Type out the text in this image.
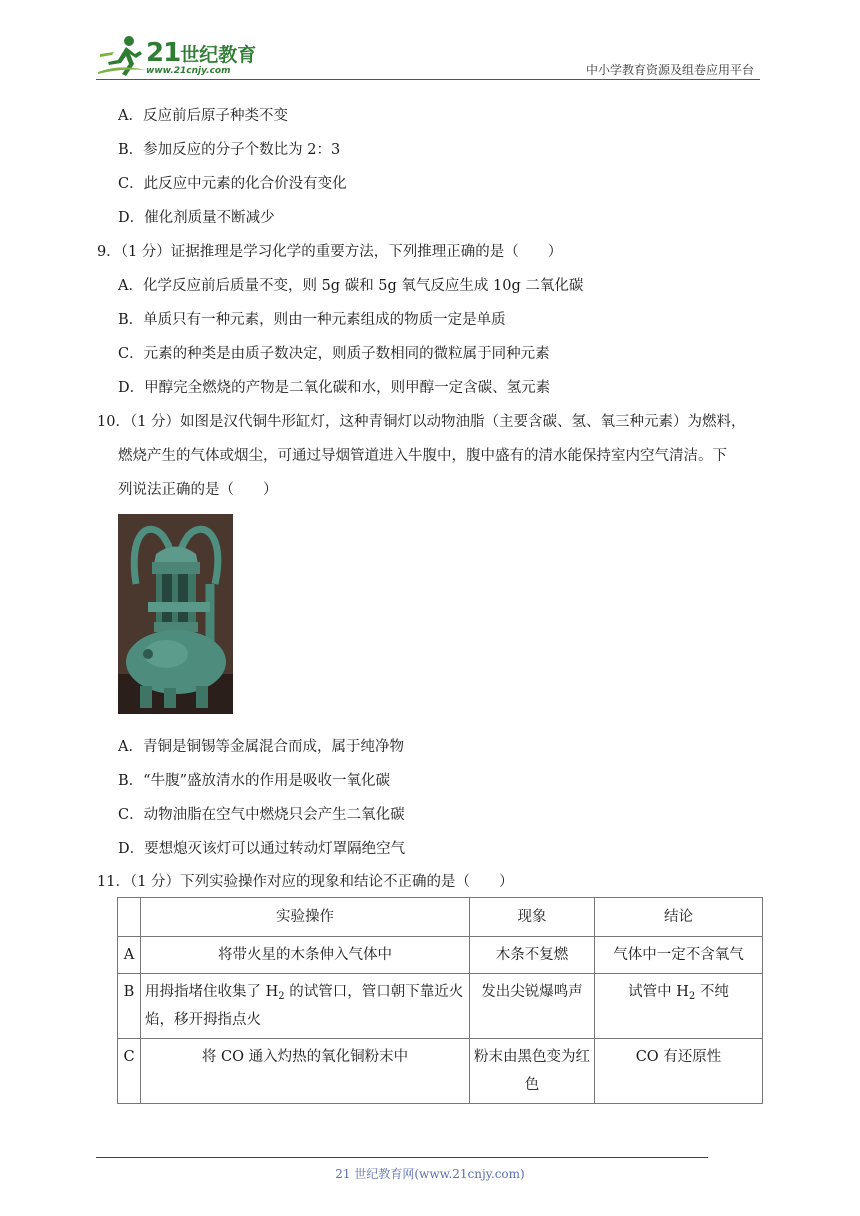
21世纪教育
www.21cnjy.com	中小学教育资源及组卷应用平台
A．反应前后原子种类不变
B．参加反应的分子个数比为 2：3
C．此反应中元素的化合价没有变化
D．催化剂质量不断减少
9．（1 分）证据推理是学习化学的重要方法，下列推理正确的是（　　）
A．化学反应前后质量不变，则 5g 碳和 5g 氧气反应生成 10g 二氧化碳
B．单质只有一种元素，则由一种元素组成的物质一定是单质
C．元素的种类是由质子数决定，则质子数相同的微粒属于同种元素
D．甲醇完全燃烧的产物是二氧化碳和水，则甲醇一定含碳、氢元素
10．（1 分）如图是汉代铜牛形缸灯，这种青铜灯以动物油脂（主要含碳、氢、氧三种元素）为燃料，
燃烧产生的气体或烟尘，可通过导烟管道进入牛腹中，腹中盛有的清水能保持室内空气清洁。下
列说法正确的是（　　）
A．青铜是铜锡等金属混合而成，属于纯净物
B．“牛腹”盛放清水的作用是吸收一氧化碳
C．动物油脂在空气中燃烧只会产生二氧化碳
D．要想熄灭该灯可以通过转动灯罩隔绝空气
11．（1 分）下列实验操作对应的现象和结论不正确的是（　　）
	实验操作	现象	结论
A	将带火星的木条伸入气体中	木条不复燃	气体中一定不含氧气
B	用拇指堵住收集了 $H_2$ 的试管口，管口朝下靠近火焰，移开拇指点火	发出尖锐爆鸣声	试管中 $H_2$ 不纯
C	将 CO 通入灼热的氧化铜粉末中	粉末由黑色变为红色	CO 有还原性
21 世纪教育网(www.21cnjy.com)
